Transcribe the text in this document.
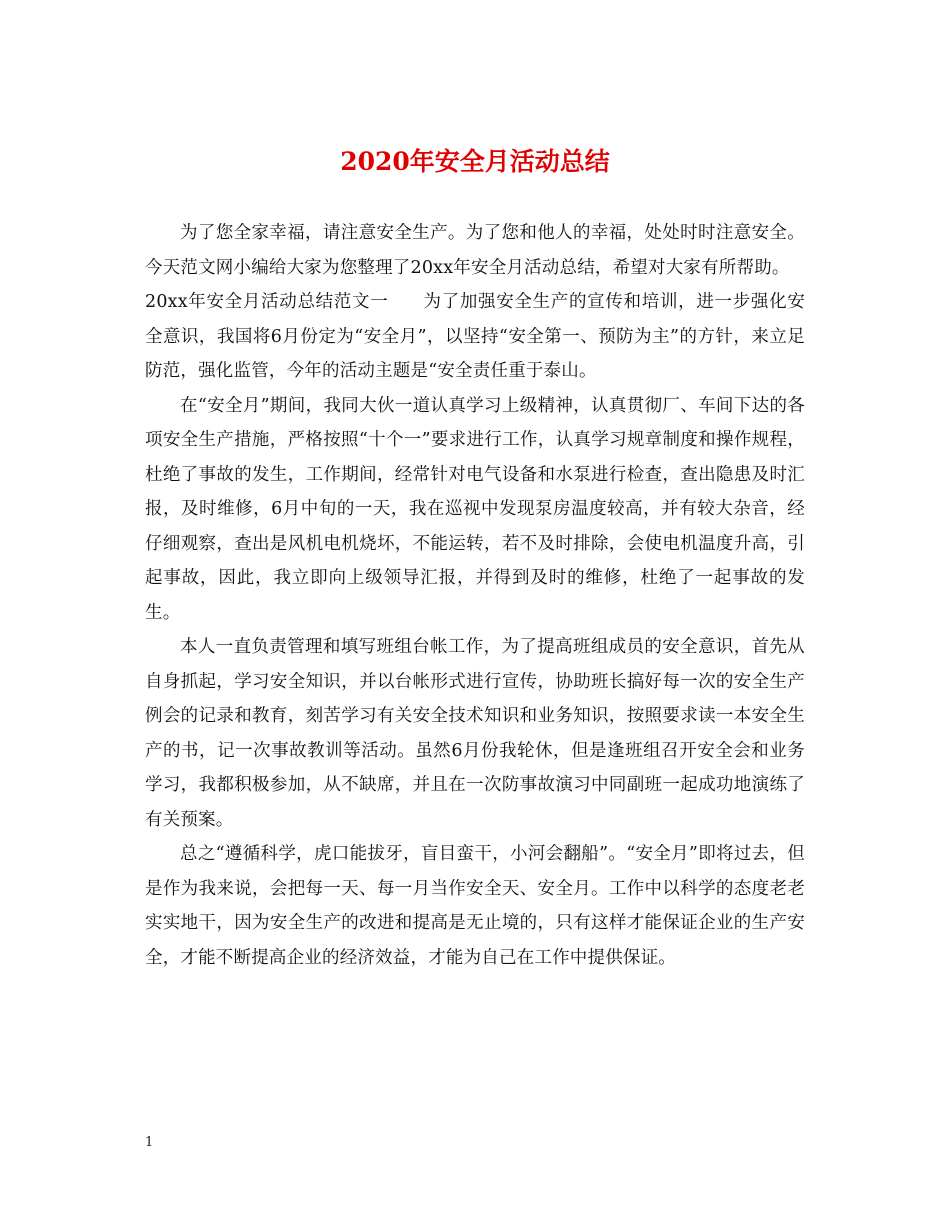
2020年安全月活动总结

为了您全家幸福，请注意安全生产。为了您和他人的幸福，处处时时注意安全。今天范文网小编给大家为您整理了20xx年安全月活动总结，希望对大家有所帮助。

20xx年安全月活动总结范文一 为了加强安全生产的宣传和培训，进一步强化安全意识，我国将6月份定为“安全月”，以坚持“安全第一、预防为主”的方针，来立足防范，强化监管，今年的活动主题是“安全责任重于泰山。

在“安全月”期间，我同大伙一道认真学习上级精神，认真贯彻厂、车间下达的各项安全生产措施，严格按照“十个一”要求进行工作，认真学习规章制度和操作规程，杜绝了事故的发生，工作期间，经常针对电气设备和水泵进行检查，查出隐患及时汇报，及时维修，6月中旬的一天，我在巡视中发现泵房温度较高，并有较大杂音，经仔细观察，查出是风机电机烧坏，不能运转，若不及时排除，会使电机温度升高，引起事故，因此，我立即向上级领导汇报，并得到及时的维修，杜绝了一起事故的发生。

本人一直负责管理和填写班组台帐工作，为了提高班组成员的安全意识，首先从自身抓起，学习安全知识，并以台帐形式进行宣传，协助班长搞好每一次的安全生产例会的记录和教育，刻苦学习有关安全技术知识和业务知识，按照要求读一本安全生产的书，记一次事故教训等活动。虽然6月份我轮休，但是逢班组召开安全会和业务学习，我都积极参加，从不缺席，并且在一次防事故演习中同副班一起成功地演练了有关预案。

总之“遵循科学，虎口能拔牙，盲目蛮干，小河会翻船”。“安全月”即将过去，但是作为我来说，会把每一天、每一月当作安全天、安全月。工作中以科学的态度老老实实地干，因为安全生产的改进和提高是无止境的，只有这样才能保证企业的生产安全，才能不断提高企业的经济效益，才能为自己在工作中提供保证。

1
